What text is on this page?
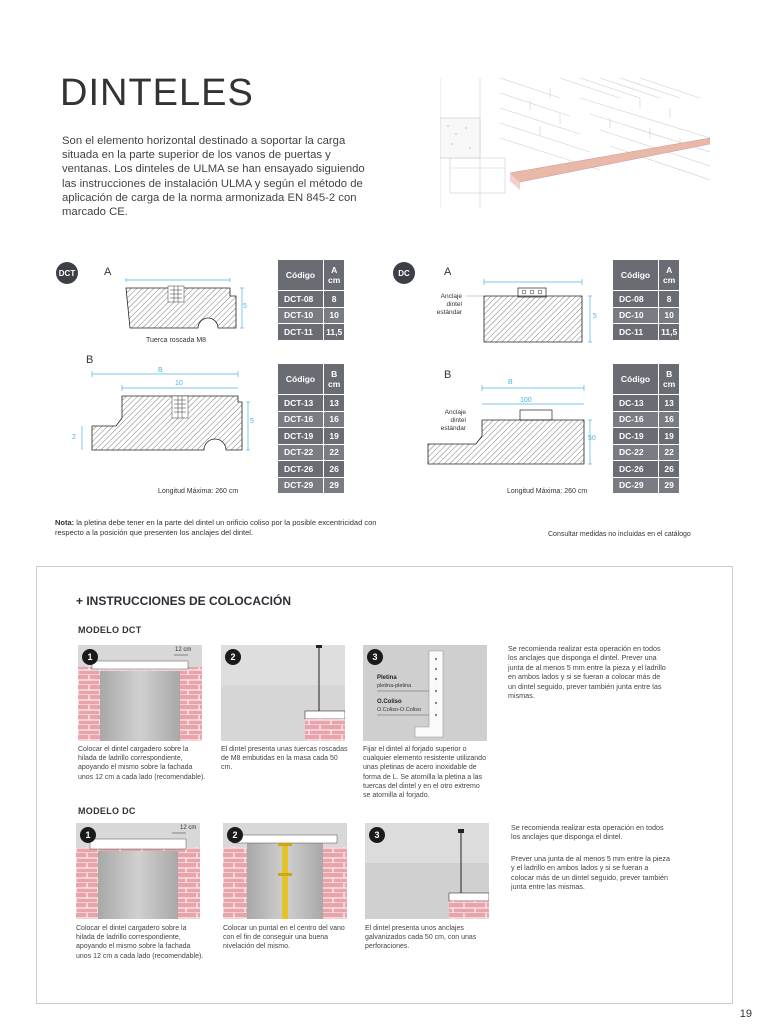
DINTELES

Son el elemento horizontal destinado a soportar la carga situada en la parte superior de los vanos de puertas y ventanas. Los dinteles de ULMA se han ensayado siguiendo las instrucciones de instalación ULMA y según el método de aplicación de carga de la norma armonizada EN 845-2 con marcado CE.

DCT	A
5
Tuerca roscada M8
Código	A
cm
DCT-08	8
DCT-10	10
DCT-11	11,5
B
B
10
5
2
Longitud Máxima: 260 cm
Código	B
cm
DCT-13	13
DCT-16	16
DCT-19	19
DCT-22	22
DCT-26	26
DCT-29	29
DC	A
Anclaje
dintel
estándar
5
Código	A
cm
DC-08	8
DC-10	10
DC-11	11,5
B
Anclaje
dintel
estándar
B
100
50
Longitud Máxima: 260 cm
Código	B
cm
DC-13	13
DC-16	16
DC-19	19
DC-22	22
DC-26	26
DC-29	29

Nota: la pletina debe tener en la parte del dintel un orificio coliso por la posible excentricidad con respecto a la posición que presenten los anclajes del dintel.	Consultar medidas no incluidas en el catálogo
+ INSTRUCCIONES DE COLOCACIÓN
MODELO DCT
1
12 cm

Colocar el dintel cargadero sobre la hilada de ladrillo correspondiente, apoyando el mismo sobre la fachada unos 12 cm a cada lado (recomendable).

2

El dintel presenta unas tuercas roscadas de M8 embutidas en la masa cada 50 cm.

3
Pletina
pletina-pletina
O.Coliso
O.Coliso-O.Coliso

Fijar el dintel al forjado superior o cualquier elemento resistente utilizando unas pletinas de acero inoxidable de forma de L. Se atornilla la pletina a las tuercas del dintel y en el otro extremo se atornilla al forjado.

Se recomienda realizar esta operación en todos los anclajes que disponga el dintel. Prever una junta de al menos 5 mm entre la pieza y el ladrillo en ambos lados y si se fueran a colocar más de un dintel seguido, prever también junta entre las mismas.

MODELO DC
1
12 cm

Colocar el dintel cargadero sobre la hilada de ladrillo correspondiente, apoyando el mismo sobre la fachada unos 12 cm a cada lado (recomendable).

2

Colocar un puntal en el centro del vano con el fin de conseguir una buena nivelación del mismo.

3

El dintel presenta unos anclajes galvanizados cada 50 cm, con unas perforaciones.

Se recomienda realizar esta operación en todos los anclajes que disponga el dintel.

Prever una junta de al menos 5 mm entre la pieza y el ladrillo en ambos lados y si se fueran a colocar más de un dintel seguido, prever también junta entre las mismas.

19
